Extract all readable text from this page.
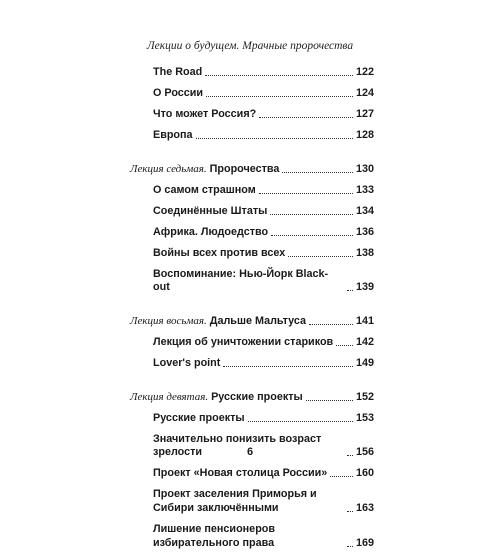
Лекции о будущем. Мрачные пророчества
The Road	122
О России	124
Что может Россия?	127
Европа	128
Лекция седьмая. Пророчества	130
О самом страшном	133
Соединённые Штаты	134
Африка. Людоедство	136
Войны всех против всех	138
Воспоминание: Нью-Йорк Black-out	139
Лекция восьмая. Дальше Мальтуса	141
Лекция об уничтожении стариков 142
Lover's point	149
Лекция девятая. Русские проекты	152
Русские проекты	153
Значительно понизить возраст зрелости	156
Проект «Новая столица России»	160
Проект заселения Приморья и Сибири заключёнными	163
Лишение пенсионеров избирательного права	169
6
